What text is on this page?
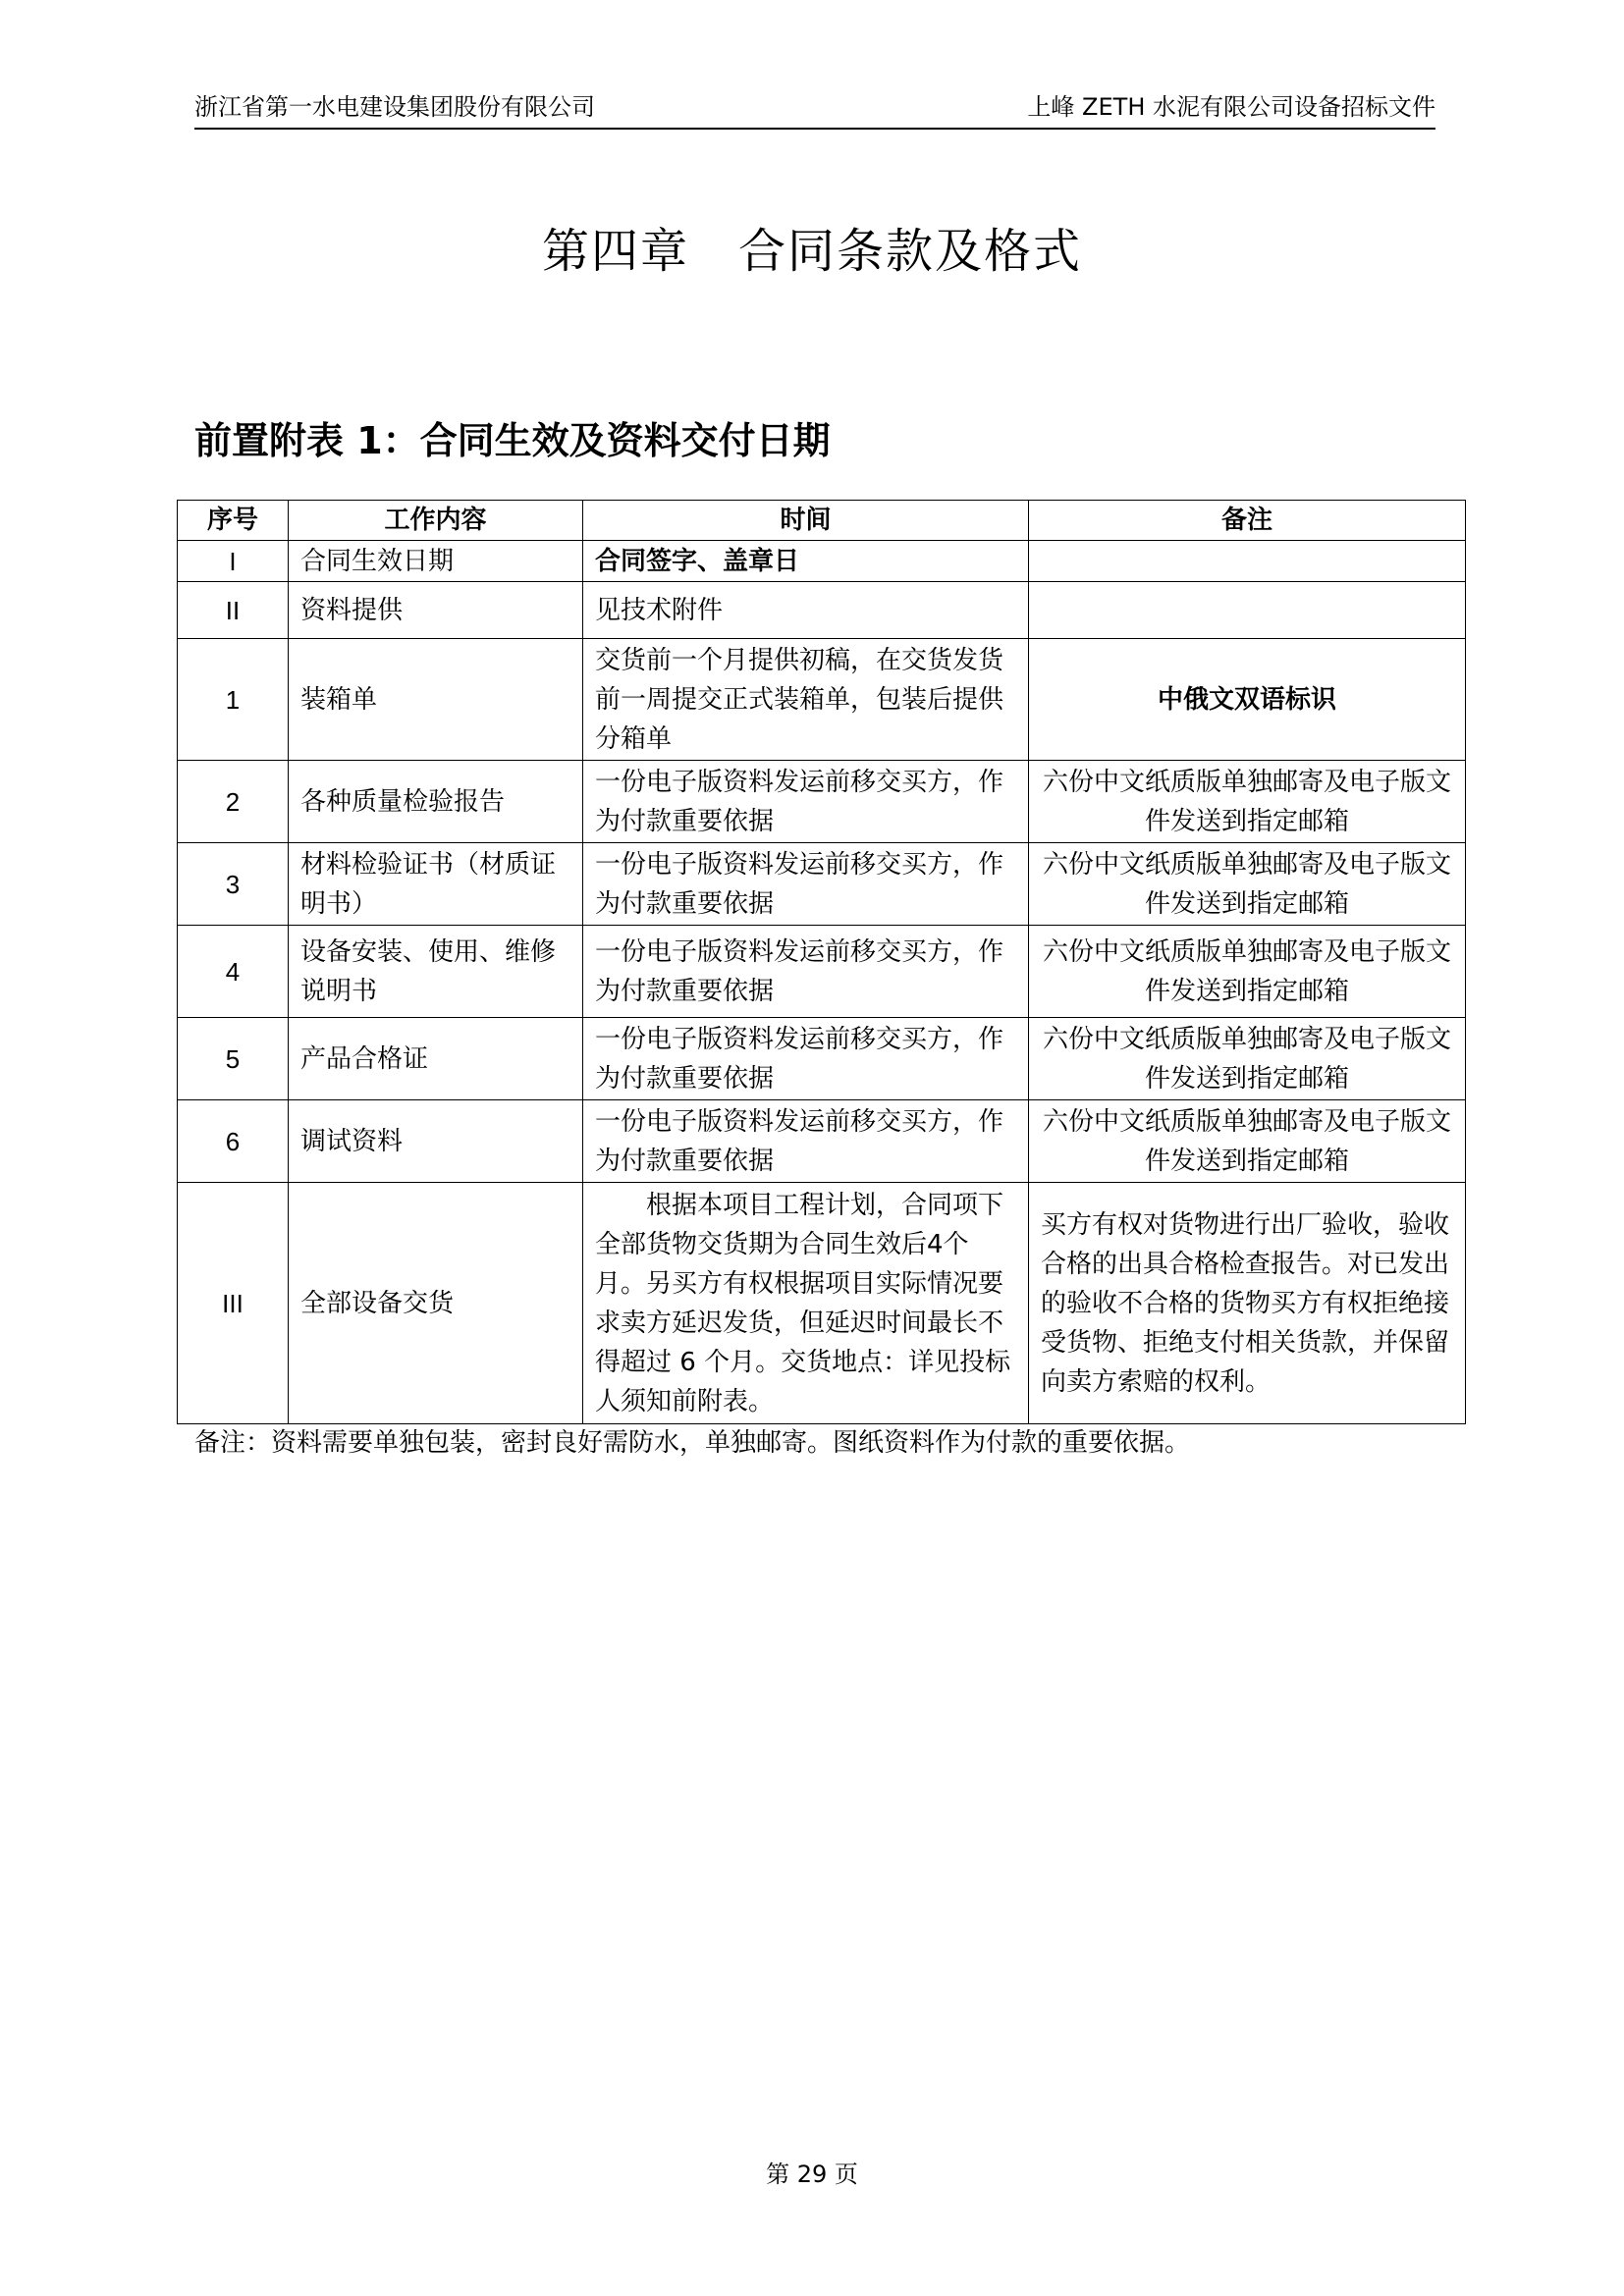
浙江省第一水电建设集团股份有限公司	上峰 ZETH 水泥有限公司设备招标文件
第四章　合同条款及格式
前置附表 1：合同生效及资料交付日期
序号	工作内容	时间	备注
I	合同生效日期	合同签字、盖章日	
II	资料提供	见技术附件	
1	装箱单	交货前一个月提供初稿，在交货发货前一周提交正式装箱单，包装后提供分箱单	中俄文双语标识
2	各种质量检验报告	一份电子版资料发运前移交买方，作为付款重要依据	六份中文纸质版单独邮寄及电子版文件发送到指定邮箱
3	材料检验证书（材质证明书）	一份电子版资料发运前移交买方，作为付款重要依据	六份中文纸质版单独邮寄及电子版文件发送到指定邮箱
4	设备安装、使用、维修说明书	一份电子版资料发运前移交买方，作为付款重要依据	六份中文纸质版单独邮寄及电子版文件发送到指定邮箱
5	产品合格证	一份电子版资料发运前移交买方，作为付款重要依据	六份中文纸质版单独邮寄及电子版文件发送到指定邮箱
6	调试资料	一份电子版资料发运前移交买方，作为付款重要依据	六份中文纸质版单独邮寄及电子版文件发送到指定邮箱
III	全部设备交货	根据本项目工程计划，合同项下全部货物交货期为合同生效后4个月。另买方有权根据项目实际情况要求卖方延迟发货，但延迟时间最长不得超过 6 个月。交货地点：详见投标人须知前附表。	买方有权对货物进行出厂验收，验收合格的出具合格检查报告。对已发出的验收不合格的货物买方有权拒绝接受货物、拒绝支付相关货款，并保留向卖方索赔的权利。
备注：资料需要单独包装，密封良好需防水，单独邮寄。图纸资料作为付款的重要依据。
第 29 页
